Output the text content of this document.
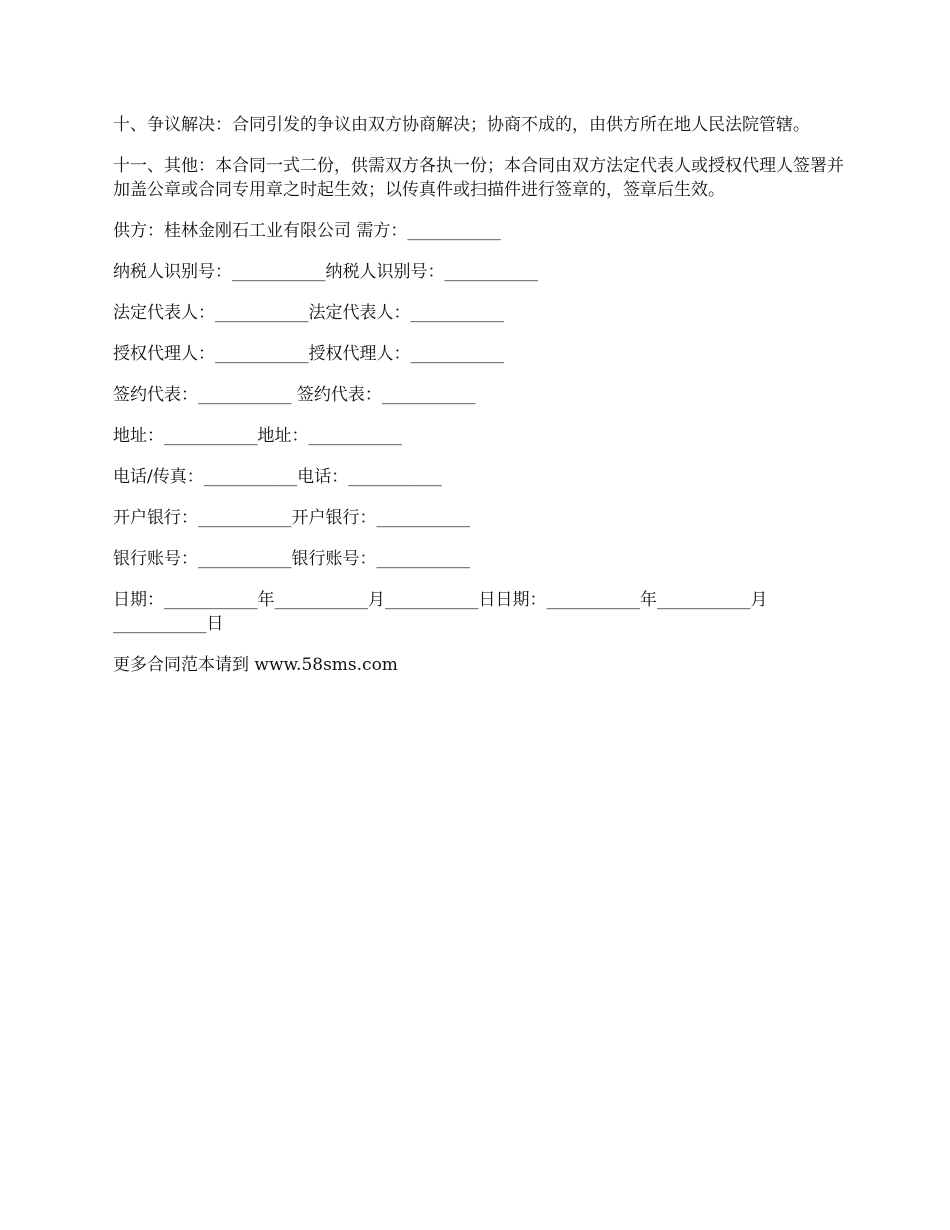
十、争议解决：合同引发的争议由双方协商解决；协商不成的，由供方所在地人民法院管辖。

十一、其他：本合同一式二份，供需双方各执一份；本合同由双方法定代表人或授权代理人签署并加盖公章或合同专用章之时起生效；以传真件或扫描件进行签章的，签章后生效。

供方：桂林金刚石工业有限公司 需方：___________

纳税人识别号：___________纳税人识别号：___________

法定代表人：___________法定代表人：___________

授权代理人：___________授权代理人：___________

签约代表：___________ 签约代表：___________

地址：___________地址：___________

电话/传真：___________电话：___________

开户银行：___________开户银行：___________

银行账号：___________银行账号：___________

日期：___________年___________月___________日日期：___________年___________月___________日

更多合同范本请到 www.58sms.com
